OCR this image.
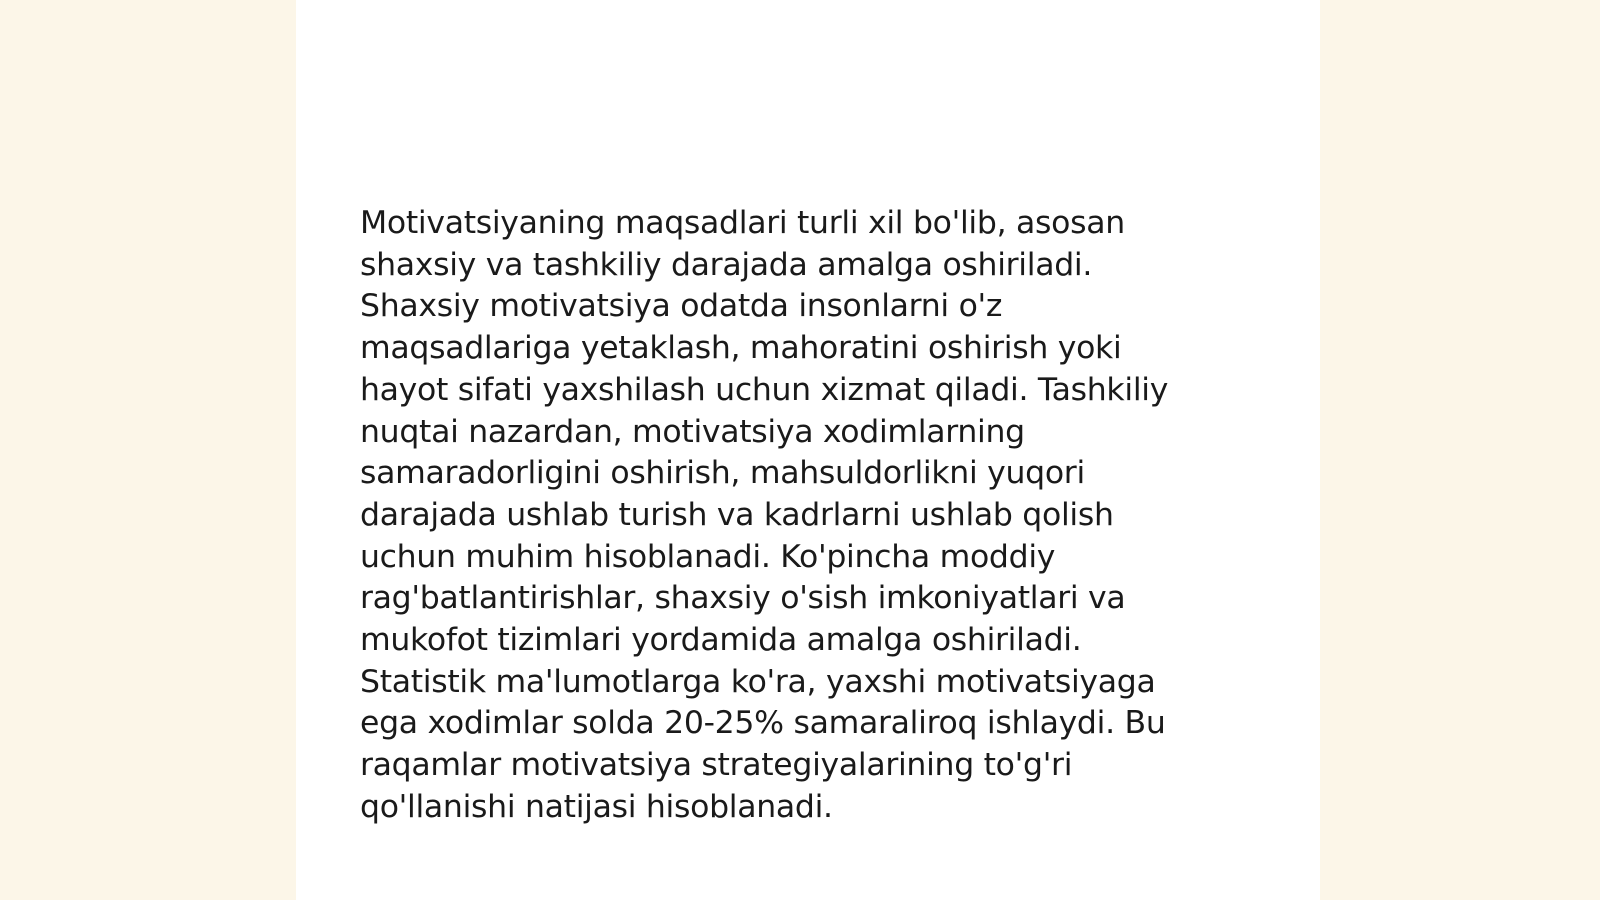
Motivatsiyaning maqsadlari turli xil bo'lib, asosan
shaxsiy va tashkiliy darajada amalga oshiriladi.
Shaxsiy motivatsiya odatda insonlarni o'z
maqsadlariga yetaklash, mahoratini oshirish yoki
hayot sifati yaxshilash uchun xizmat qiladi. Tashkiliy
nuqtai nazardan, motivatsiya xodimlarning
samaradorligini oshirish, mahsuldorlikni yuqori
darajada ushlab turish va kadrlarni ushlab qolish
uchun muhim hisoblanadi. Ko'pincha moddiy
rag'batlantirishlar, shaxsiy o'sish imkoniyatlari va
mukofot tizimlari yordamida amalga oshiriladi.
Statistik ma'lumotlarga ko'ra, yaxshi motivatsiyaga
ega xodimlar solda 20-25% samaraliroq ishlaydi. Bu
raqamlar motivatsiya strategiyalarining to'g'ri
qo'llanishi natijasi hisoblanadi.
